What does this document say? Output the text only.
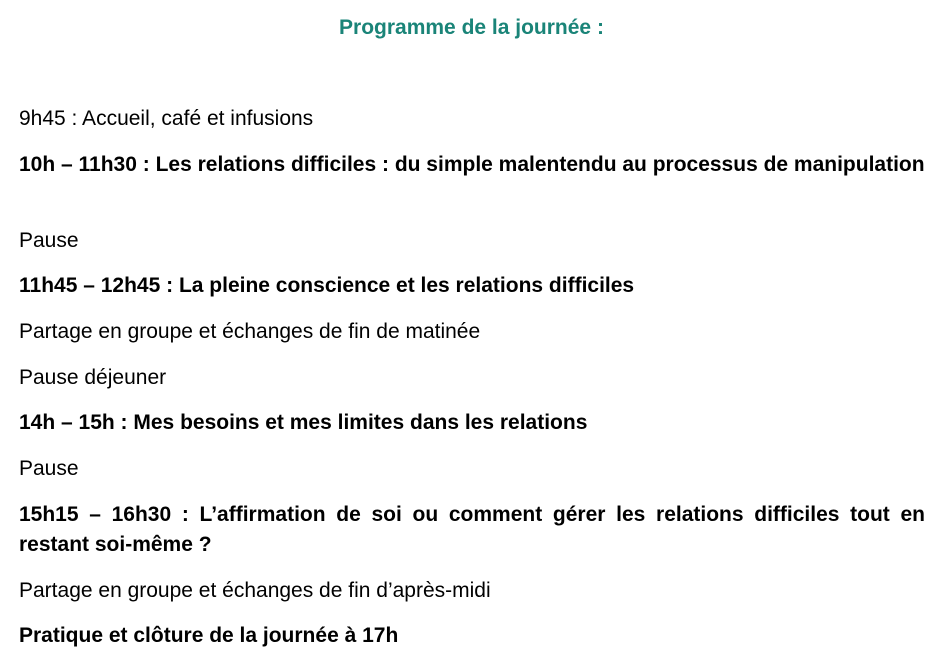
Programme de la journée :
9h45 : Accueil, café et infusions
10h – 11h30 : Les relations difficiles : du simple malentendu au processus de manipulation
Pause
11h45 – 12h45 : La pleine conscience et les relations difficiles
Partage en groupe et échanges de fin de matinée
Pause déjeuner
14h – 15h : Mes besoins et mes limites dans les relations
Pause
15h15 – 16h30 : L’affirmation de soi ou comment gérer les relations difficiles tout en restant soi-même ?
Partage en groupe et échanges de fin d’après-midi
Pratique et clôture de la journée à 17h
